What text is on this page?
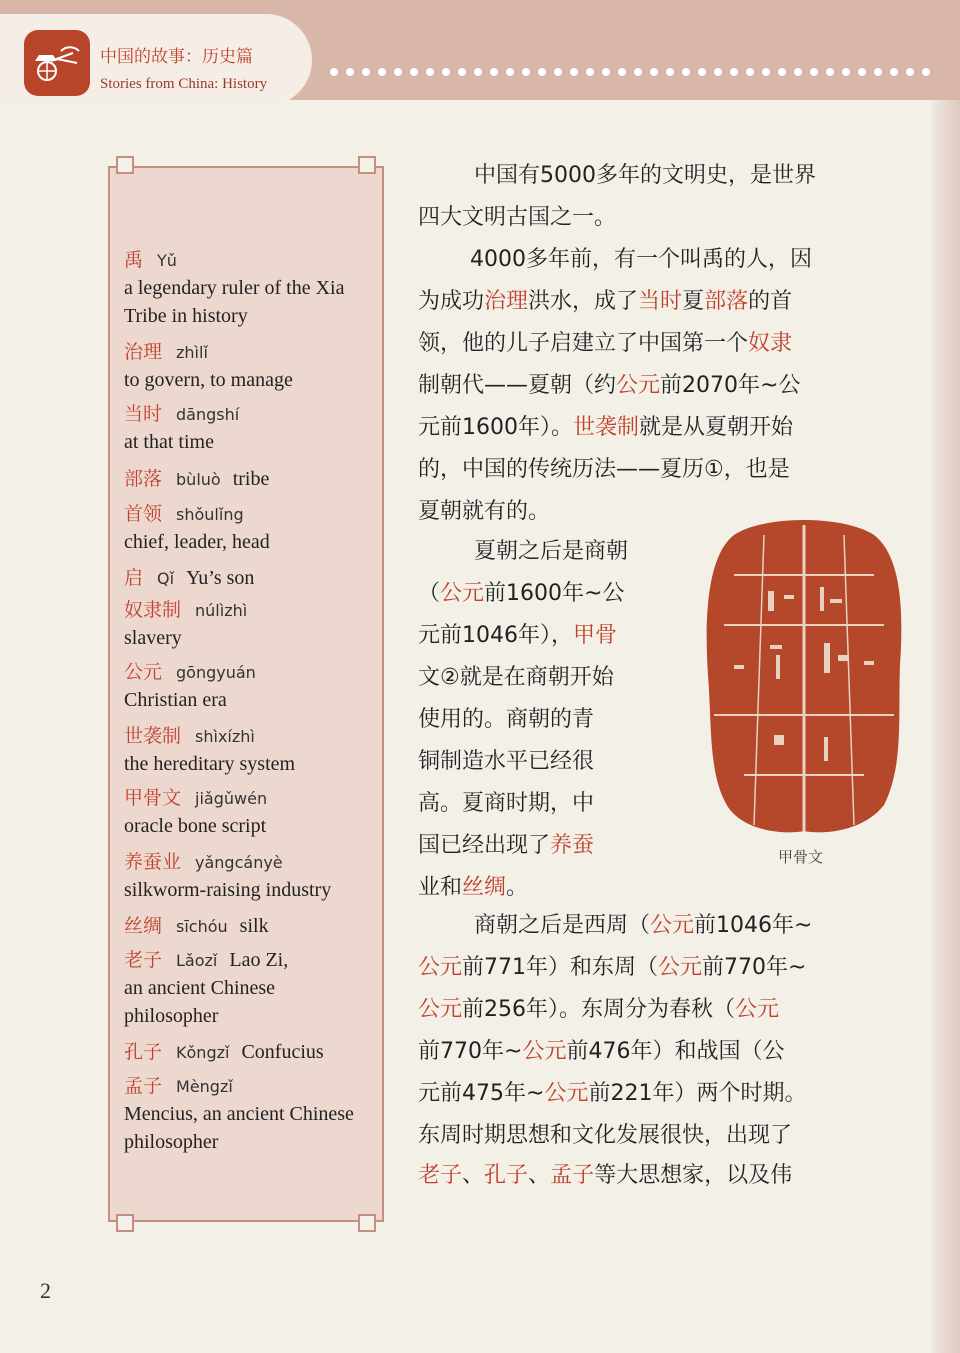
中国的故事：历史篇
Stories from China: History
禹 Yǔ
a legendary ruler of the Xia
Tribe in history
治理 zhìlǐ
to govern, to manage
当时 dāngshí
at that time
部落 bùluò tribe
首领 shǒulǐng
chief, leader, head
启 Qǐ Yu’s son
奴隶制 núlìzhì
slavery
公元 gōngyuán
Christian era
世袭制 shìxízhì
the hereditary system
甲骨文 jiǎgǔwén
oracle bone script
养蚕业 yǎngcányè
silkworm-raising industry
丝绸 sīchóu silk
老子 Lǎozǐ Lao Zi,
an ancient Chinese
philosopher
孔子 Kǒngzǐ Confucius
孟子 Mèngzǐ
Mencius, an ancient Chinese
philosopher
中国有5000多年的文明史，是世界
四大文明古国之一。
4000多年前，有一个叫禹的人，因
为成功治理洪水，成了当时夏部落的首
领，他的儿子启建立了中国第一个奴隶
制朝代——夏朝（约公元前2070年~公
元前1600年）。世袭制就是从夏朝开始
的，中国的传统历法——夏历①，也是
夏朝就有的。
夏朝之后是商朝
（公元前1600年~公
元前1046年），甲骨
文②就是在商朝开始
使用的。商朝的青
铜制造水平已经很
高。夏商时期，中
国已经出现了养蚕
业和丝绸。
商朝之后是西周（公元前1046年~
公元前771年）和东周（公元前770年~
公元前256年）。东周分为春秋（公元
前770年~公元前476年）和战国（公
元前475年~公元前221年）两个时期。
东周时期思想和文化发展很快，出现了
老子、孔子、孟子等大思想家，以及伟
甲骨文
2
